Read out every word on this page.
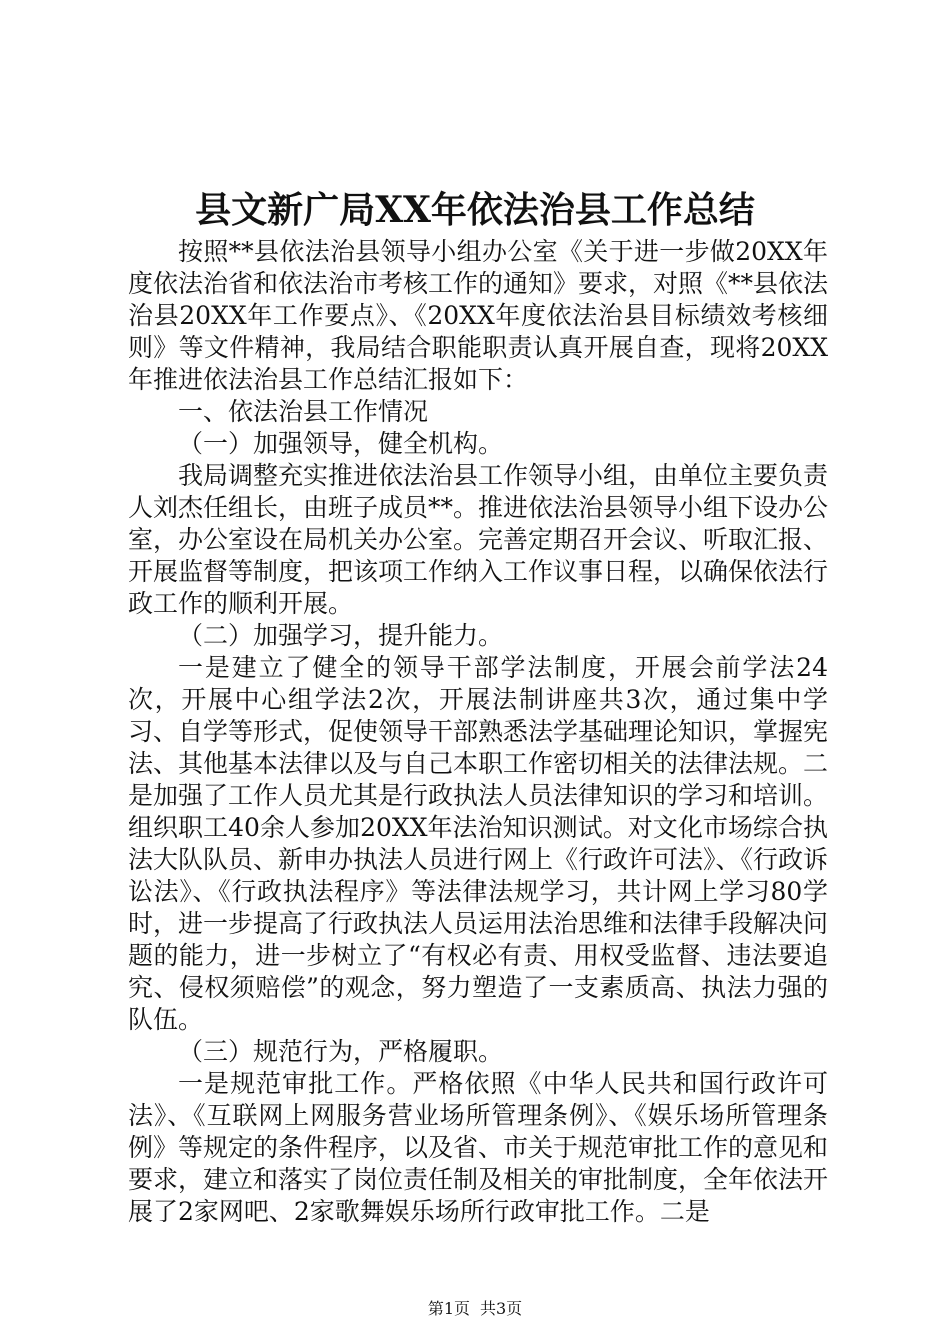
县文新广局XX年依法治县工作总结

按照**县依法治县领导小组办公室《关于进一步做20XX年度依法治省和依法治市考核工作的通知》要求，对照《**县依法治县20XX年工作要点》、《20XX年度依法治县目标绩效考核细则》等文件精神，我局结合职能职责认真开展自查，现将20XX年推进依法治县工作总结汇报如下：

一、依法治县工作情况

（一）加强领导，健全机构。

我局调整充实推进依法治县工作领导小组，由单位主要负责人刘杰任组长，由班子成员**。推进依法治县领导小组下设办公室，办公室设在局机关办公室。完善定期召开会议、听取汇报、开展监督等制度，把该项工作纳入工作议事日程，以确保依法行政工作的顺利开展。

（二）加强学习，提升能力。

一是建立了健全的领导干部学法制度，开展会前学法24次，开展中心组学法2次，开展法制讲座共3次，通过集中学习、自学等形式，促使领导干部熟悉法学基础理论知识，掌握宪法、其他基本法律以及与自己本职工作密切相关的法律法规。二是加强了工作人员尤其是行政执法人员法律知识的学习和培训。组织职工40余人参加20XX年法治知识测试。对文化市场综合执法大队队员、新申办执法人员进行网上《行政许可法》、《行政诉讼法》、《行政执法程序》等法律法规学习，共计网上学习80学时，进一步提高了行政执法人员运用法治思维和法律手段解决问题的能力，进一步树立了“有权必有责、用权受监督、违法要追究、侵权须赔偿”的观念，努力塑造了一支素质高、执法力强的队伍。

（三）规范行为，严格履职。

一是规范审批工作。严格依照《中华人民共和国行政许可法》、《互联网上网服务营业场所管理条例》、《娱乐场所管理条例》等规定的条件程序，以及省、市关于规范审批工作的意见和要求，建立和落实了岗位责任制及相关的审批制度，全年依法开展了2家网吧、2家歌舞娱乐场所行政审批工作。二是

第1页 共3页
